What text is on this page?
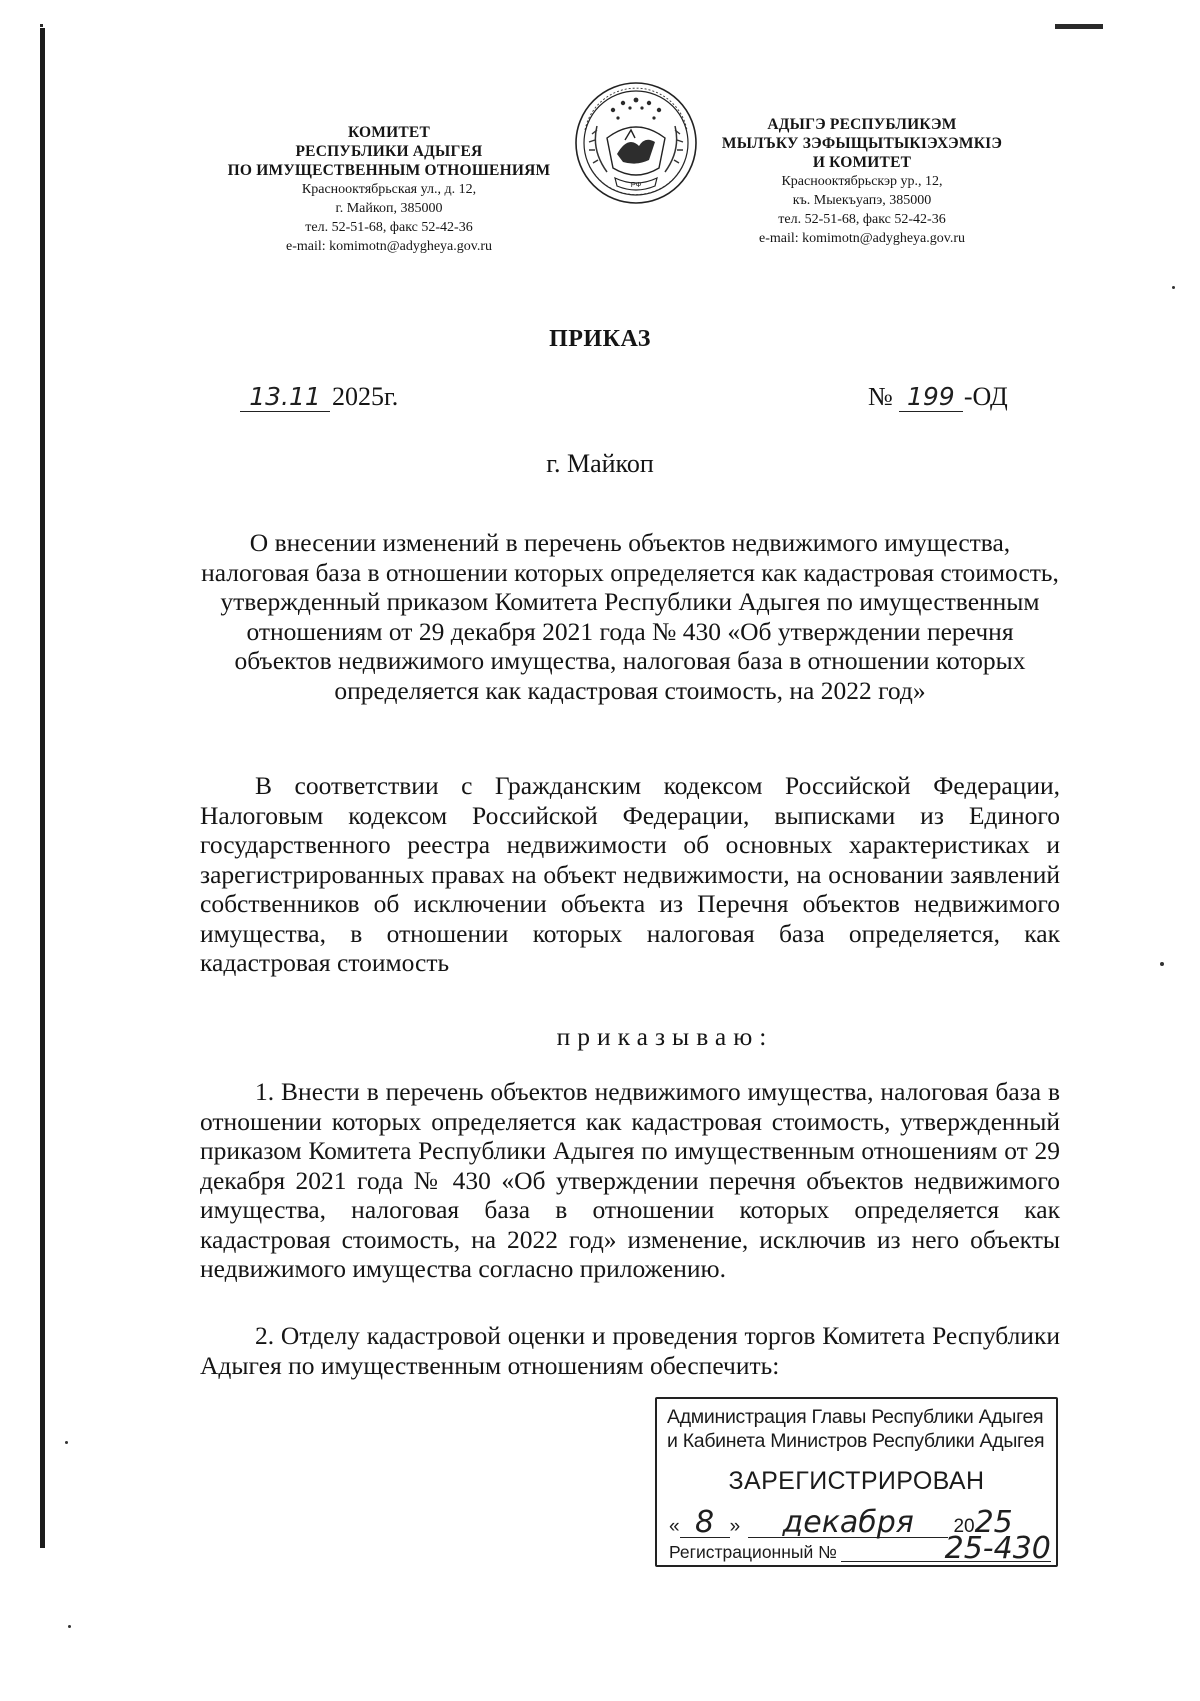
КОМИТЕТ
РЕСПУБЛИКИ АДЫГЕЯ
ПО ИМУЩЕСТВЕННЫМ ОТНОШЕНИЯМ
Краснооктябрьская ул., д. 12,
г. Майкоп, 385000
тел. 52-51-68, факс 52-42-36
e-mail: komimotn@adygheya.gov.ru
РФ
АДЫГЭ РЕСПУБЛИКЭМ
МЫЛЪКУ ЗЭФЫЩЫТЫКIЭХЭМКIЭ
И КОМИТЕТ
Краснооктябрьскэр ур., 12,
къ. Мыекъуапэ, 385000
тел. 52-51-68, факс 52-42-36
e-mail: komimotn@adygheya.gov.ru
ПРИКАЗ
13.11 2025г.	№ 199 -ОД
г. Майкоп
О внесении изменений в перечень объектов недвижимого имущества, налоговая база в отношении которых определяется как кадастровая стоимость, утвержденный приказом Комитета Республики Адыгея по имущественным отношениям от 29 декабря 2021 года № 430 «Об утверждении перечня объектов недвижимого имущества, налоговая база в отношении которых определяется как кадастровая стоимость, на 2022 год»

В соответствии с Гражданским кодексом Российской Федерации, Налоговым кодексом Российской Федерации, выписками из Единого государственного реестра недвижимости об основных характеристиках и зарегистрированных правах на объект недвижимости, на основании заявлений собственников об исключении объекта из Перечня объектов недвижимого имущества, в отношении которых налоговая база определяется, как кадастровая стоимость

приказываю:

1. Внести в перечень объектов недвижимого имущества, налоговая база в отношении которых определяется как кадастровая стоимость, утвержденный приказом Комитета Республики Адыгея по имущественным отношениям от 29 декабря 2021 года № 430 «Об утверждении перечня объектов недвижимого имущества, налоговая база в отношении которых определяется как кадастровая стоимость, на 2022 год» изменение, исключив из него объекты недвижимого имущества согласно приложению.

2. Отделу кадастровой оценки и проведения торгов Комитета Республики Адыгея по имущественным отношениям обеспечить:

Администрация Главы Республики Адыгея
и Кабинета Министров Республики Адыгея
ЗАРЕГИСТРИРОВАН
« 8 » декабря 2025
Регистрационный №	25-430
